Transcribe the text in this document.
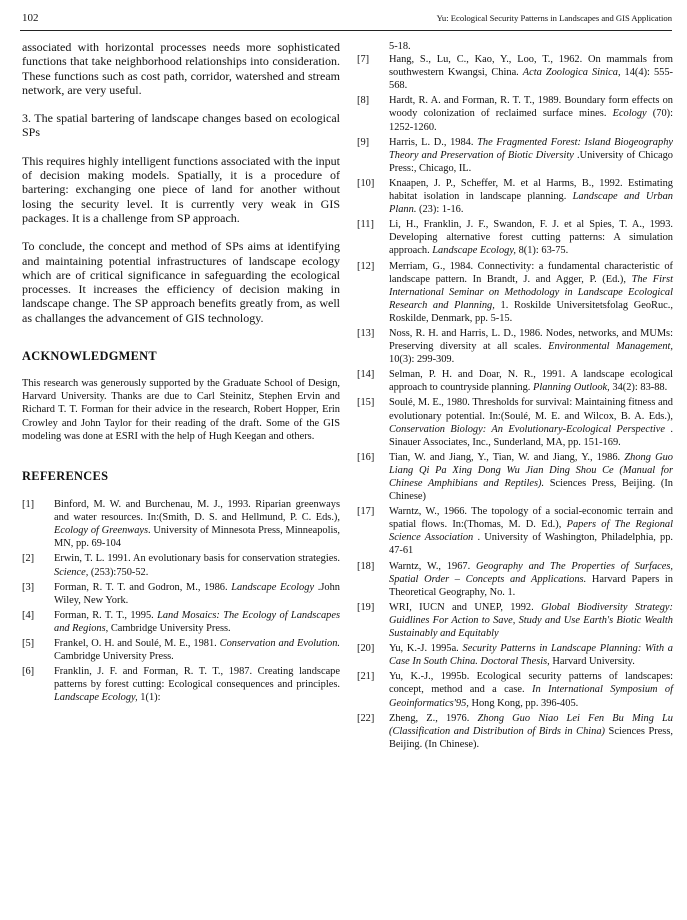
102	Yu: Ecological Security Patterns in Landscapes and GIS Application

associated with horizontal processes needs more sophisticated functions that take neighborhood relationships into consideration. These functions such as cost path, corridor, watershed and stream network, are very useful.

3. The spatial bartering of landscape changes based on ecological SPs

This requires highly intelligent functions associated with the input of decision making models. Spatially, it is a procedure of bartering: exchanging one piece of land for another without losing the security level. It is currently very weak in GIS packages. It is a challenge from SP approach.

To conclude, the concept and method of SPs aims at identifying and maintaining potential infrastructures of landscape ecology which are of critical significance in safeguarding the ecological processes. It increases the efficiency of decision making in landscape change. The SP approach benefits greatly from, as well as challanges the advancement of GIS technology.

ACKNOWLEDGMENT

This research was generously supported by the Graduate School of Design, Harvard University. Thanks are due to Carl Steinitz, Stephen Ervin and Richard T. T. Forman for their advice in the research, Robert Hopper, Erin Crowley and John Taylor for their reading of the draft. Some of the GIS modeling was done at ESRI with the help of Hugh Keegan and others.

REFERENCES
[1] Binford, M. W. and Burchenau, M. J., 1993. Riparian greenways and water resources. In:(Smith, D. S. and Hellmund, P. C. Eds.), Ecology of Greenways. University of Minnesota Press, Minneapolis, MN, pp. 69-104
[2] Erwin, T. L. 1991. An evolutionary basis for conservation strategies. Science, (253):750-52.
[3] Forman, R. T. T. and Godron, M., 1986. Landscape Ecology .John Wiley, New York.
[4] Forman, R. T. T., 1995. Land Mosaics: The Ecology of Landscapes and Regions, Cambridge University Press.
[5] Frankel, O. H. and Soulé, M. E., 1981. Conservation and Evolution. Cambridge University Press.
[6] Franklin, J. F. and Forman, R. T. T., 1987. Creating landscape patterns by forest cutting: Ecological consequences and principles. Landscape Ecology, 1(1):
5-18.
[7] Hang, S., Lu, C., Kao, Y., Loo, T., 1962. On mammals from southwestern Kwangsi, China. Acta Zoologica Sinica, 14(4): 555-568.
[8] Hardt, R. A. and Forman, R. T. T., 1989. Boundary form effects on woody colonization of reclaimed surface mines. Ecology (70): 1252-1260.
[9] Harris, L. D., 1984. The Fragmented Forest: Island Biogeography Theory and Preservation of Biotic Diversity .University of Chicago Press:, Chicago, IL.
[10] Knaapen, J. P., Scheffer, M. et al Harms, B., 1992. Estimating habitat isolation in landscape planning. Landscape and Urban Plann. (23): 1-16.
[11] Li, H., Franklin, J. F., Swandon, F. J. et al Spies, T. A., 1993. Developing alternative forest cutting patterns: A simulation approach. Landscape Ecology, 8(1): 63-75.
[12] Merriam, G., 1984. Connectivity: a fundamental characteristic of landscape pattern. In Brandt, J. and Agger, P. (Ed.), The First International Seminar on Methodology in Landscape Ecological Research and Planning, 1. Roskilde Universitetsfolag GeoRuc., Roskilde, Denmark, pp. 5-15.
[13] Noss, R. H. and Harris, L. D., 1986. Nodes, networks, and MUMs: Preserving diversity at all scales. Environmental Management, 10(3): 299-309.
[14] Selman, P. H. and Doar, N. R., 1991. A landscape ecological approach to countryside planning. Planning Outlook, 34(2): 83-88.
[15] Soulé, M. E., 1980. Thresholds for survival: Maintaining fitness and evolutionary potential. In:(Soulé, M. E. and Wilcox, B. A. Eds.), Conservation Biology: An Evolutionary-Ecological Perspective . Sinauer Associates, Inc., Sunderland, MA, pp. 151-169.
[16] Tian, W. and Jiang, Y., Tian, W. and Jiang, Y., 1986. Zhong Guo Liang Qi Pa Xing Dong Wu Jian Ding Shou Ce (Manual for Chinese Amphibians and Reptiles). Sciences Press, Beijing. (In Chinese)
[17] Warntz, W., 1966. The topology of a social-economic terrain and spatial flows. In:(Thomas, M. D. Ed.), Papers of The Regional Science Association . University of Washington, Philadelphia, pp. 47-61
[18] Warntz, W., 1967. Geography and The Properties of Surfaces, Spatial Order – Concepts and Applications. Harvard Papers in Theoretical Geography, No. 1.
[19] WRI, IUCN and UNEP, 1992. Global Biodiversity Strategy: Guidlines For Action to Save, Study and Use Earth's Biotic Wealth Sustainably and Equitably
[20] Yu, K.-J. 1995a. Security Patterns in Landscape Planning: With a Case In South China. Doctoral Thesis, Harvard University.
[21] Yu, K.-J., 1995b. Ecological security patterns of landscapes: concept, method and a case. In International Symposium of Geoinformatics'95, Hong Kong, pp. 396-405.
[22] Zheng, Z., 1976. Zhong Guo Niao Lei Fen Bu Ming Lu (Classification and Distribution of Birds in China) Sciences Press, Beijing. (In Chinese).
